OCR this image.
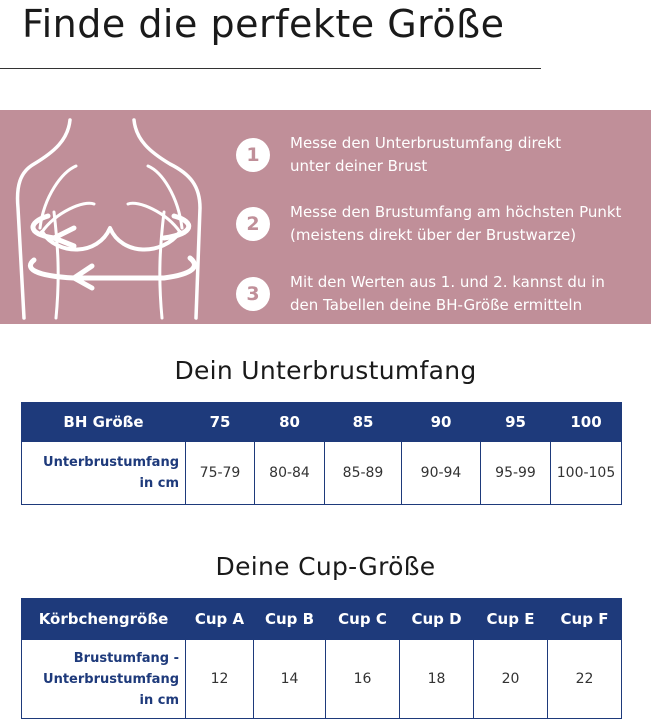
Finde die perfekte Größe
1
Messe den Unterbrustumfang direkt
unter deiner Brust
2
Messe den Brustumfang am höchsten Punkt
(meistens direkt über der Brustwarze)
3
Mit den Werten aus 1. und 2. kannst du in
den Tabellen deine BH-Größe ermitteln
Dein Unterbrustumfang
BH Größe	75	80	85	90	95	100
Unterbrustumfang
in cm	75-79	80-84	85-89	90-94	95-99	100-105
Deine Cup-Größe
Körbchengröße	Cup A	Cup B	Cup C	Cup D	Cup E	Cup F
Brustumfang -
Unterbrustumfang
in cm	12	14	16	18	20	22
